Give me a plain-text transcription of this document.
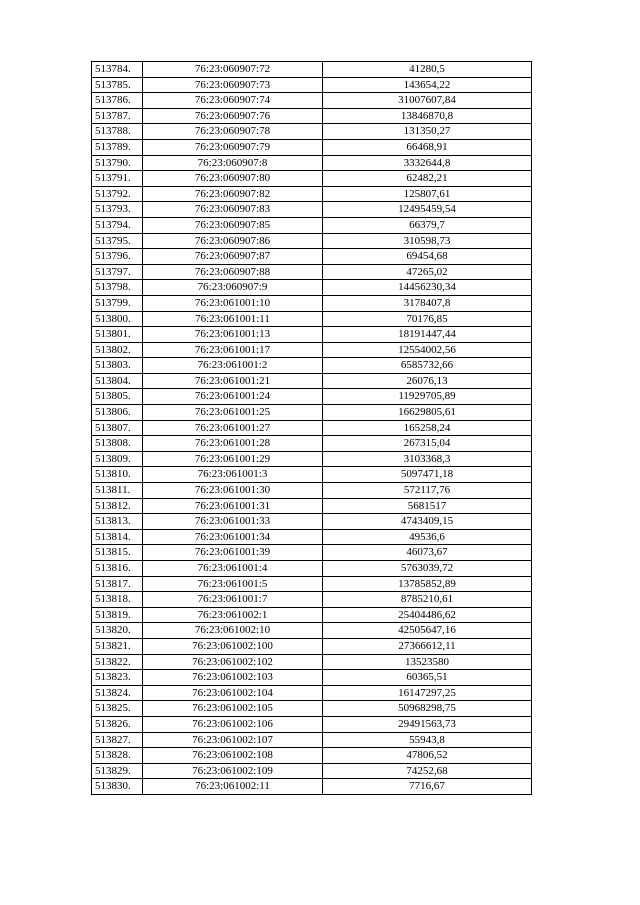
513784.	76:23:060907:72	41280,5
513785.	76:23:060907:73	143654,22
513786.	76:23:060907:74	31007607,84
513787.	76:23:060907:76	13846870,8
513788.	76:23:060907:78	131350,27
513789.	76:23:060907:79	66468,91
513790.	76:23:060907:8	3332644,8
513791.	76:23:060907:80	62482,21
513792.	76:23:060907:82	125807,61
513793.	76:23:060907:83	12495459,54
513794.	76:23:060907:85	66379,7
513795.	76:23:060907:86	310598,73
513796.	76:23:060907:87	69454,68
513797.	76:23:060907:88	47265,02
513798.	76:23:060907:9	14456230,34
513799.	76:23:061001:10	3178407,8
513800.	76:23:061001:11	70176,85
513801.	76:23:061001:13	18191447,44
513802.	76:23:061001:17	12554002,56
513803.	76:23:061001:2	6585732,66
513804.	76:23:061001:21	26076,13
513805.	76:23:061001:24	11929705,89
513806.	76:23:061001:25	16629805,61
513807.	76:23:061001:27	165258,24
513808.	76:23:061001:28	267315,04
513809.	76:23:061001:29	3103368,3
513810.	76:23:061001:3	5097471,18
513811.	76:23:061001:30	572117,76
513812.	76:23:061001:31	5681517
513813.	76:23:061001:33	4743409,15
513814.	76:23:061001:34	49536,6
513815.	76:23:061001:39	46073,67
513816.	76:23:061001:4	5763039,72
513817.	76:23:061001:5	13785852,89
513818.	76:23:061001:7	8785210,61
513819.	76:23:061002:1	25404486,62
513820.	76:23:061002:10	42505647,16
513821.	76:23:061002:100	27366612,11
513822.	76:23:061002:102	13523580
513823.	76:23:061002:103	60365,51
513824.	76:23:061002:104	16147297,25
513825.	76:23:061002:105	50968298,75
513826.	76:23:061002:106	29491563,73
513827.	76:23:061002:107	55943,8
513828.	76:23:061002:108	47806,52
513829.	76:23:061002:109	74252,68
513830.	76:23:061002:11	7716,67
